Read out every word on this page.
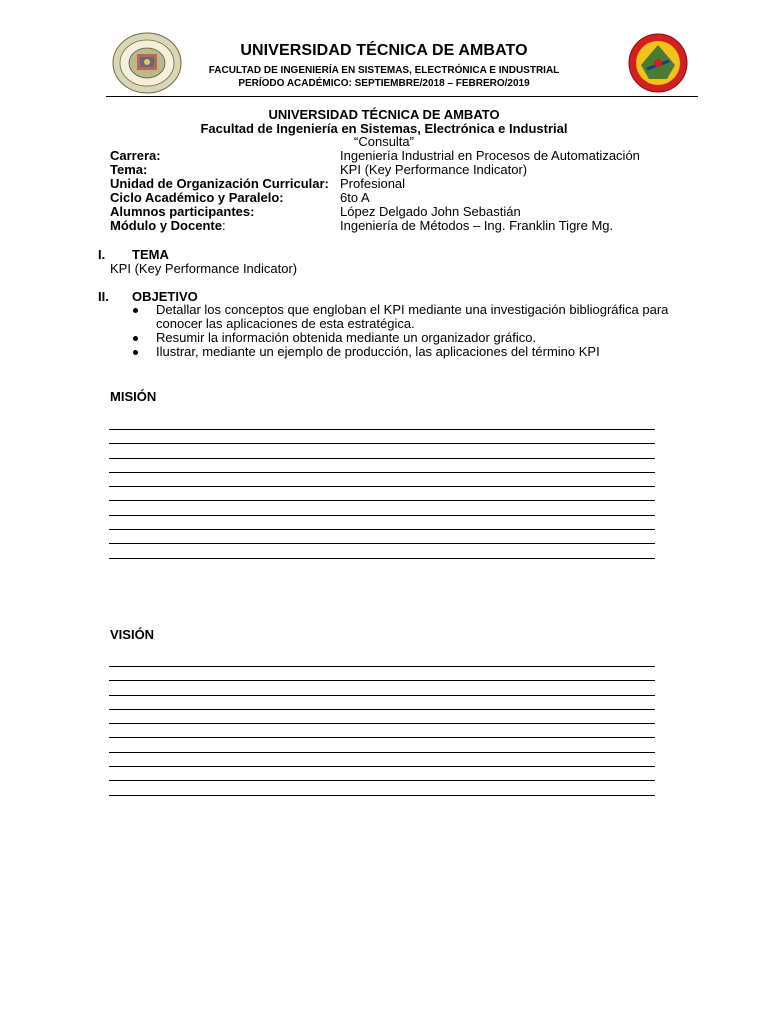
UNIVERSIDAD TÉCNICA DE AMBATO
FACULTAD DE INGENIERÍA EN SISTEMAS, ELECTRÓNICA E INDUSTRIAL
PERÍODO ACADÉMICO: SEPTIEMBRE/2018 – FEBRERO/2019
UNIVERSIDAD TÉCNICA DE AMBATO
Facultad de Ingeniería en Sistemas, Electrónica e Industrial
“Consulta”
Carrera:	Ingeniería Industrial en Procesos de Automatización
Tema:	KPI (Key Performance Indicator)
Unidad de Organización Curricular: Profesional
Ciclo Académico y Paralelo:	6to A
Alumnos participantes:	López Delgado John Sebastián
Módulo y Docente:	Ingeniería de Métodos – Ing. Franklin Tigre Mg.
I. TEMA
KPI (Key Performance Indicator)
II. OBJETIVO
Detallar los conceptos que engloban el KPI mediante una investigación bibliográfica para conocer las aplicaciones de esta estratégica.
Resumir la información obtenida mediante un organizador gráfico.
Ilustrar, mediante un ejemplo de producción, las aplicaciones del término KPI
MISIÓN
VISIÓN
